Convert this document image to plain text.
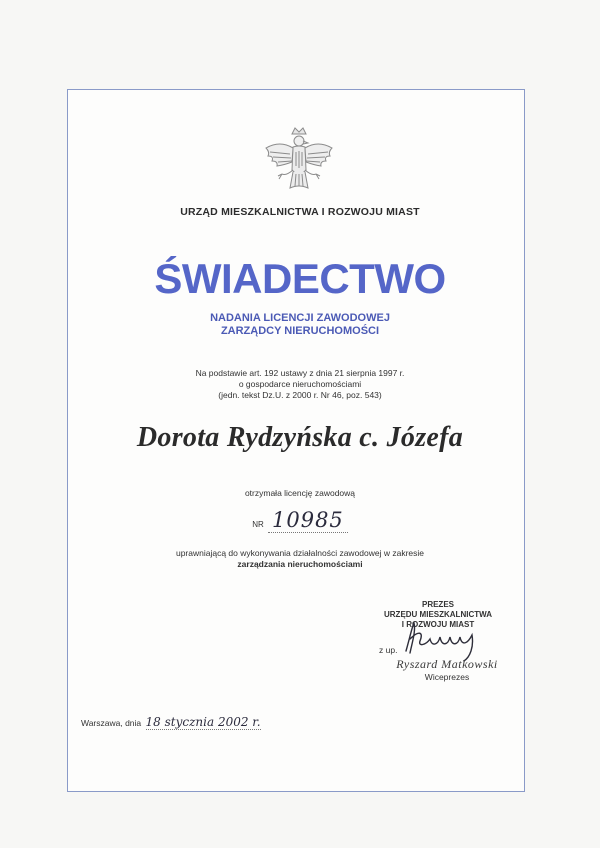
URZĄD MIESZKALNICTWA I ROZWOJU MIAST
ŚWIADECTWO
NADANIA LICENCJI ZAWODOWEJ
ZARZĄDCY NIERUCHOMOŚCI
Na podstawie art. 192 ustawy z dnia 21 sierpnia 1997 r.
o gospodarce nieruchomościami
(jedn. tekst Dz.U. z 2000 r. Nr 46, poz. 543)
Dorota Rydzyńska c. Józefa
otrzymała licencję zawodową
NR 10985
uprawniającą do wykonywania działalności zawodowej w zakresie
zarządzania nieruchomościami
PREZES
URZĘDU MIESZKALNICTWA
I ROZWOJU MIAST
z up.
Ryszard Matkowski
Wiceprezes
Warszawa, dnia 18 stycznia 2002 r.
